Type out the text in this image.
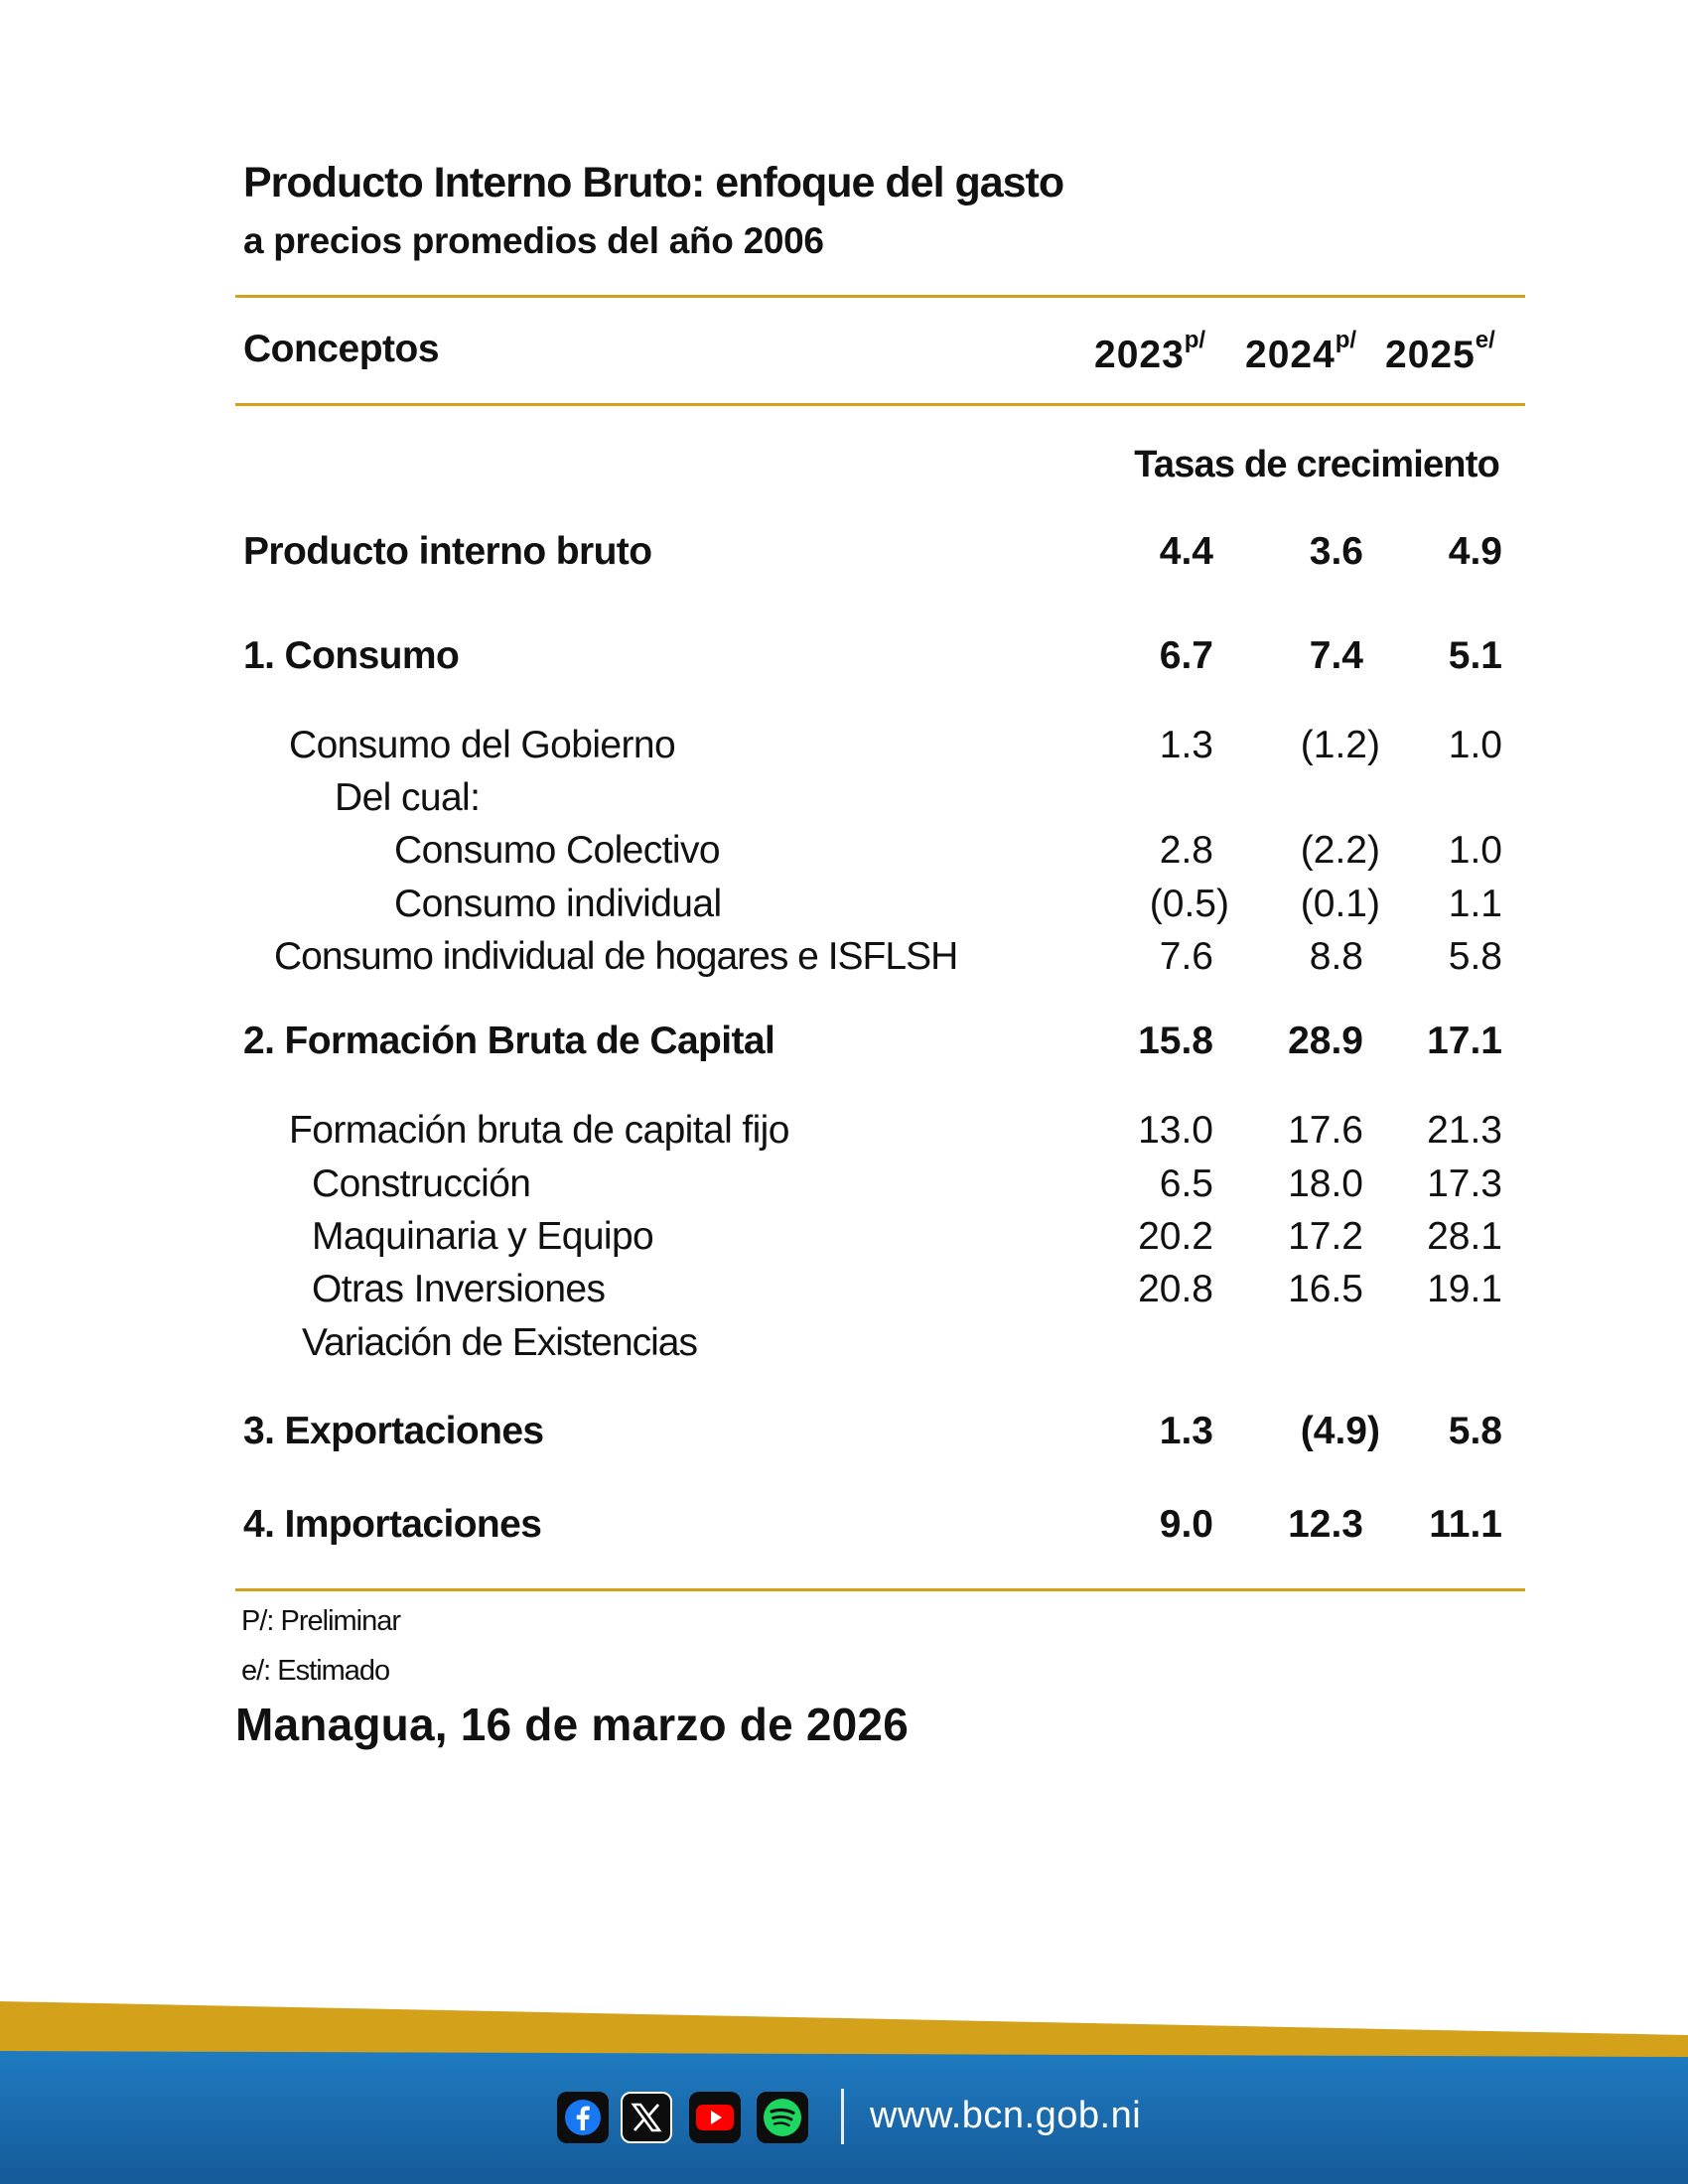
Producto Interno Bruto: enfoque del gasto
a precios promedios del año 2006
Conceptos	$2023^{p/}$ $2024^{p/}$ $2025^{e/}$
Tasas de crecimiento
Producto interno bruto	4.4 3.6 4.9
1. Consumo	6.7 7.4 5.1
Consumo del Gobierno	1.3 (1.2) 1.0
Del cual:
Consumo Colectivo	2.8 (2.2) 1.0
Consumo individual	(0.5) (0.1) 1.1
Consumo individual de hogares e ISFLSH	7.6 8.8 5.8
2. Formación Bruta de Capital	15.8 28.9 17.1
Formación bruta de capital fijo	13.0 17.6 21.3
Construcción	6.5 18.0 17.3
Maquinaria y Equipo	20.2 17.2 28.1
Otras Inversiones	20.8 16.5 19.1
Variación de Existencias
3. Exportaciones	1.3 (4.9) 5.8
4. Importaciones	9.0 12.3 11.1
P/: Preliminar
e/: Estimado
Managua, 16 de marzo de 2026
www.bcn.gob.ni
